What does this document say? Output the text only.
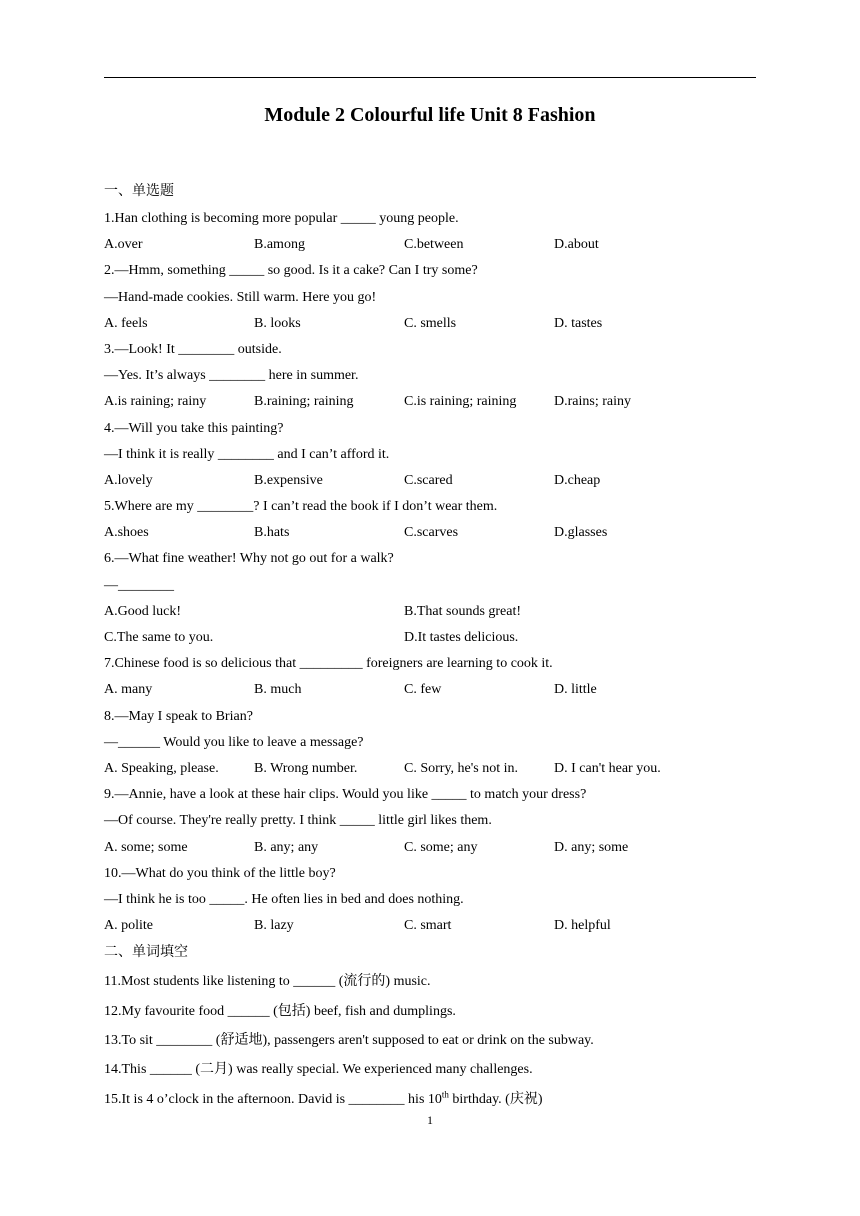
Module 2 Colourful life Unit 8 Fashion
一、单选题
1.Han clothing is becoming more popular _____ young people.
A.over	B.among	C.between	D.about
2.—Hmm, something _____ so good. Is it a cake? Can I try some?
—Hand-made cookies. Still warm. Here you go!
A. feels	B. looks	C. smells	D. tastes
3.—Look! It ________ outside.
—Yes. It’s always ________ here in summer.
A.is raining; rainy	B.raining; raining	C.is raining; raining	D.rains; rainy
4.—Will you take this painting?
—I think it is really ________ and I can’t afford it.
A.lovely	B.expensive	C.scared	D.cheap
5.Where are my ________? I can’t read the book if I don’t wear them.
A.shoes	B.hats	C.scarves	D.glasses
6.—What fine weather! Why not go out for a walk?
—________
A.Good luck!	B.That sounds great!
C.The same to you.	D.It tastes delicious.
7.Chinese food is so delicious that _________ foreigners are learning to cook it.
A. many	B. much	C. few	D. little
8.—May I speak to Brian?
—______ Would you like to leave a message?
A. Speaking, please.	B. Wrong number.	C. Sorry, he's not in.	D. I can't hear you.
9.—Annie, have a look at these hair clips. Would you like _____ to match your dress?
—Of course. They're really pretty. I think _____ little girl likes them.
A. some; some	B. any; any	C. some; any	D. any; some
10.—What do you think of the little boy?
—I think he is too _____. He often lies in bed and does nothing.
A. polite	B. lazy	C. smart	D. helpful
二、单词填空
11.Most students like listening to ______ (流行的) music.
12.My favourite food ______ (包括) beef, fish and dumplings.
13.To sit ________ (舒适地), passengers aren't supposed to eat or drink on the subway.
14.This ______ (二月) was really special. We experienced many challenges.
15.It is 4 o’clock in the afternoon. David is ________ his 10th birthday. (庆祝)
1
